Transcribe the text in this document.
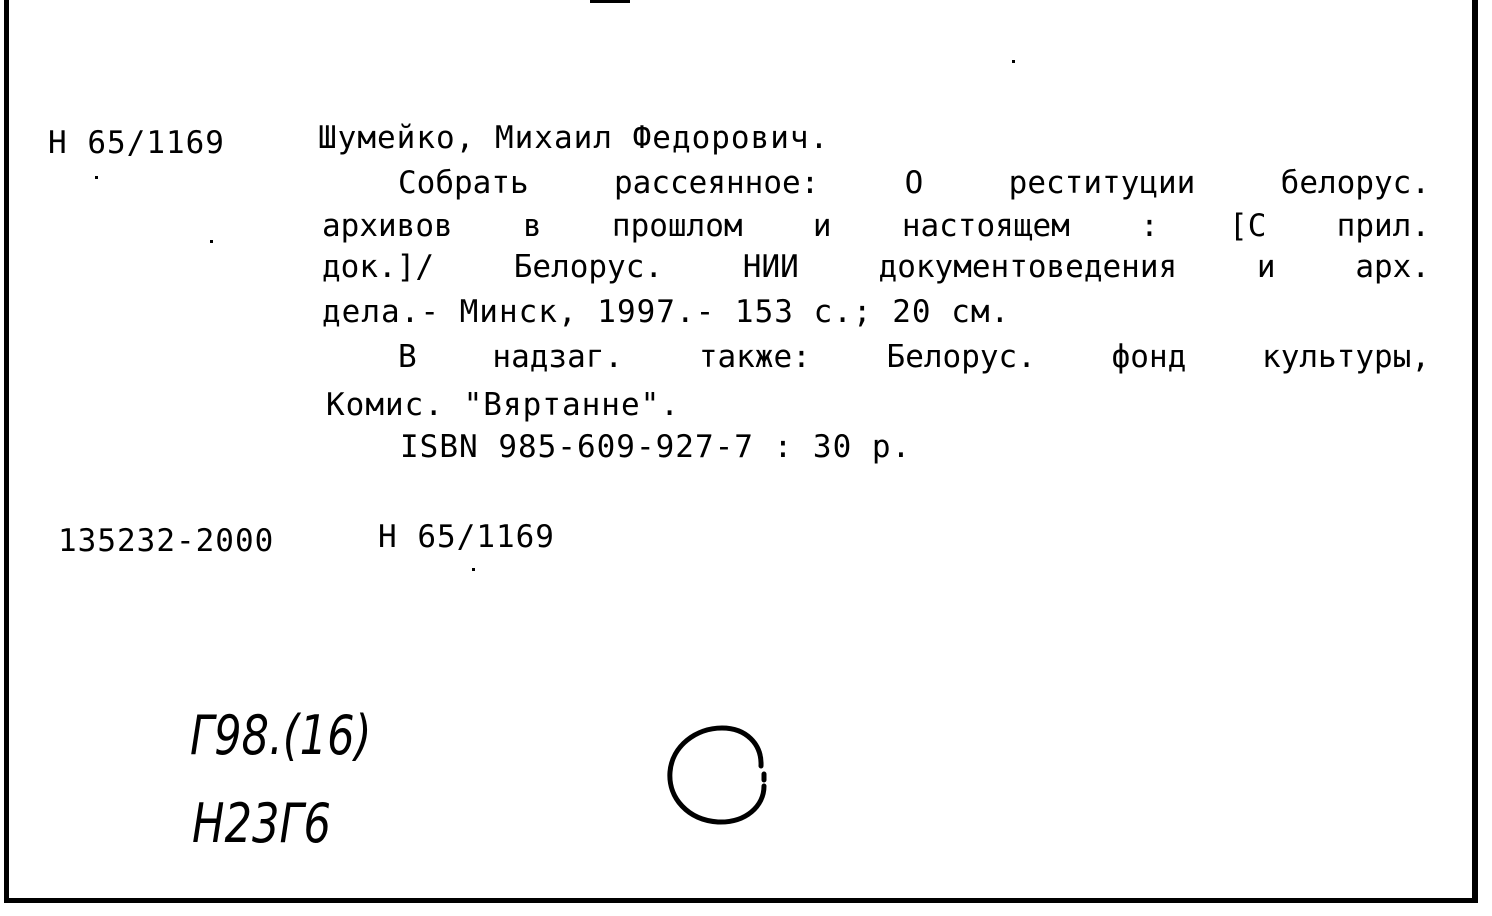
Н 65/1169	Шумейко, Михаил Федорович.
Собрать рассеянное: О реституции белорус.
архивов в прошлом и настоящем : [С прил.
док.]/ Белорус. НИИ документоведения и арх.
дела.- Минск, 1997.- 153 с.; 20 см.
В надзаг. также: Белорус. фонд культуры,
Комис. "Вяртанне".
ISBN 985-609-927-7 : 30 р.
135232-2000	Н 65/1169
Г98.(16)
Н23Г6
